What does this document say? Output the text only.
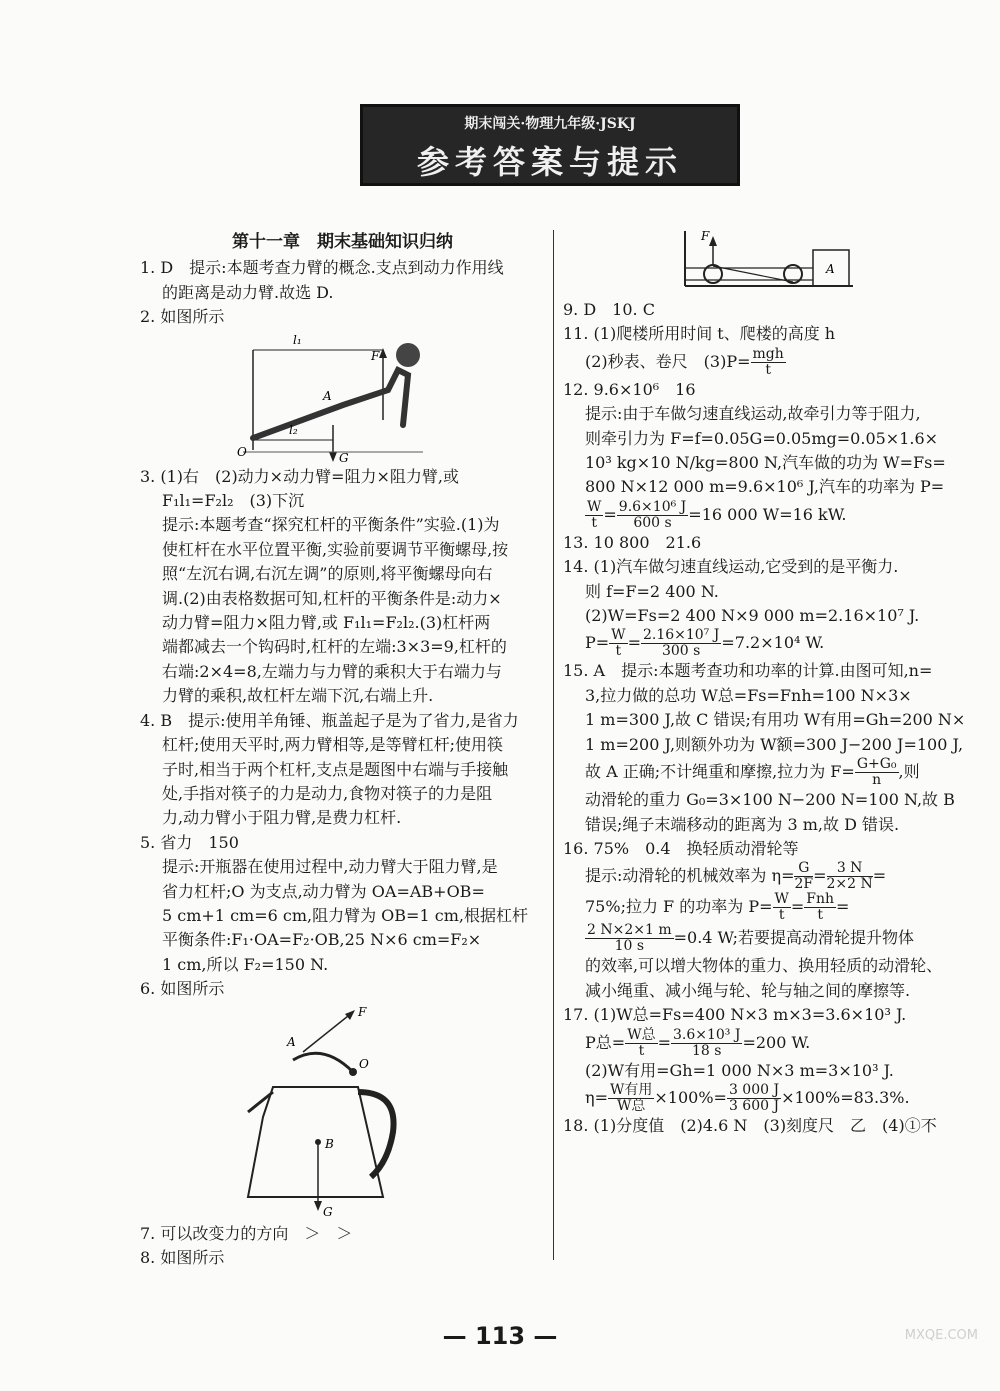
期末闯关·物理九年级·JSKJ
参考答案与提示
第十一章　期末基础知识归纳

1. D　提示:本题考查力臂的概念.支点到动力作用线

的距离是动力臂.故选 D.

2. 如图所示

l₁
l₂
F
A
O	G

3. (1)右　(2)动力×动力臂=阻力×阻力臂,或

F₁l₁=F₂l₂　(3)下沉

提示:本题考查“探究杠杆的平衡条件”实验.(1)为

使杠杆在水平位置平衡,实验前要调节平衡螺母,按

照“左沉右调,右沉左调”的原则,将平衡螺母向右

调.(2)由表格数据可知,杠杆的平衡条件是:动力×

动力臂=阻力×阻力臂,或 F₁l₁=F₂l₂.(3)杠杆两

端都减去一个钩码时,杠杆的左端:3×3=9,杠杆的

右端:2×4=8,左端力与力臂的乘积大于右端力与

力臂的乘积,故杠杆左端下沉,右端上升.

4. B　提示:使用羊角锤、瓶盖起子是为了省力,是省力

杠杆;使用天平时,两力臂相等,是等臂杠杆;使用筷

子时,相当于两个杠杆,支点是题图中右端与手接触

处,手指对筷子的力是动力,食物对筷子的力是阻

力,动力臂小于阻力臂,是费力杠杆.

5. 省力　150

提示:开瓶器在使用过程中,动力臂大于阻力臂,是

省力杠杆;O 为支点,动力臂为 OA=AB+OB=

5 cm+1 cm=6 cm,阻力臂为 OB=1 cm,根据杠杆

平衡条件:F₁·OA=F₂·OB,25 N×6 cm=F₂×

1 cm,所以 F₂=150 N.

6. 如图所示

F
A
O
B
G

7. 可以改变力的方向　＞　＞

8. 如图所示

F
A

9. D　10. C

11. (1)爬楼所用时间 t、爬楼的高度 h

(2)秒表、卷尺　$(3)P= \frac{\text{mgh}}{t}$

12. 9.6×10⁶　16

提示:由于车做匀速直线运动,故牵引力等于阻力,

则牵引力为 F=f=0.05G=0.05mg=0.05×1.6×

10³ kg×10 N/kg=800 N,汽车做的功为 W=Fs=

800 N×12 000 m=9.6×10⁶ J,汽车的功率为 P=

$\frac{W}{t} = \frac{\text{9.6×10⁶ J}}{600 s} =16$ 000 W=16 kW.

13. 10 800　21.6

14. (1)汽车做匀速直线运动,它受到的是平衡力.

则 f=F=2 400 N.

(2)W=Fs=2 400 N×9 000 m=2.16×10⁷ J.

$P= \frac{W}{t} = \frac{\text{2.16×10⁷ J}}{300 s} =7.2\times 10^4$ W.

15. A　提示:本题考查功和功率的计算.由图可知,n=

3,拉力做的总功 W总=Fs=Fnh=100 N×3×

1 m=300 J,故 C 错误;有用功 W有用=Gh=200 N×

1 m=200 J,则额外功为 W额=300 J−200 J=100 J,

故 A 正确;不计绳重和摩擦,拉力为 $F= \frac{\text{G+G₀}}{n}$ ,则

动滑轮的重力 G₀=3×100 N−200 N=100 N,故 B

错误;绳子末端移动的距离为 3 m,故 D 错误.

16. 75%　0.4　换轻质动滑轮等

提示:动滑轮的机械效率为 $\eta= \frac{G}{2F} = \frac{3 N}{2\times 2 N}$ =

75%;拉力 F 的功率为 $P= \frac{W}{t} = \frac{\text{Fnh}}{t}$ =

$\frac{2 N\times 2\times 1 m}{10 s} =0.4$ W;若要提高动滑轮提升物体

的效率,可以增大物体的重力、换用轻质的动滑轮、

减小绳重、减小绳与轮、轮与轴之间的摩擦等.

17. (1)W总=Fs=400 N×3 m×3=3.6×10³ J.

P总= $\frac{\text{W总}}{t} = \frac{\text{3.6×10³ J}}{18 s} =200$ W.

(2)W有用=Gh=1 000 N×3 m=3×10³ J.

$\eta= \frac{\text{W有用}}{\text{W总}} \times 100\%= \frac{3 000 J}{3 600 J} \times 100\%=83.3\%$.

18. (1)分度值　(2)4.6 N　(3)刻度尺　乙　(4)①不

— 113 —	MXQE.COM
